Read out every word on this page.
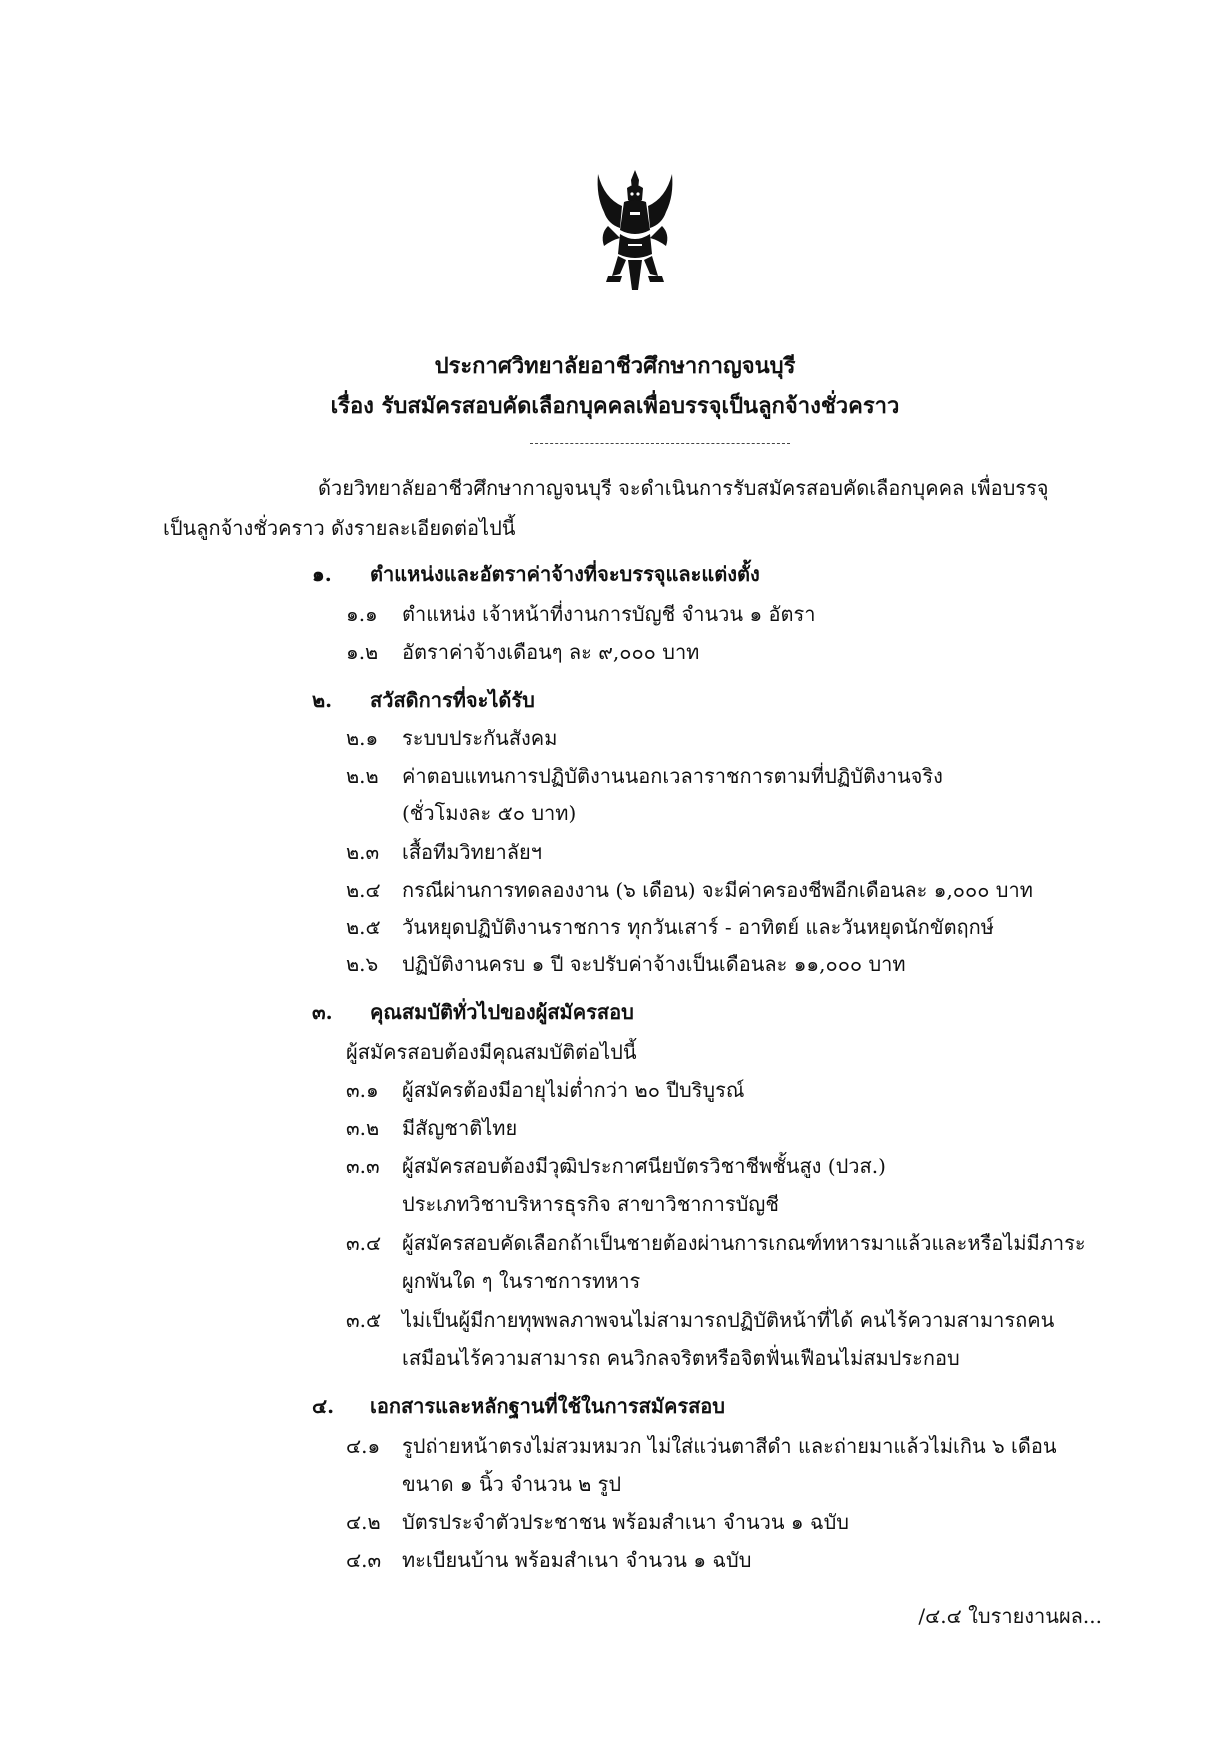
ประกาศวิทยาลัยอาชีวศึกษากาญจนบุรี
เรื่อง รับสมัครสอบคัดเลือกบุคคลเพื่อบรรจุเป็นลูกจ้างชั่วคราว
ด้วยวิทยาลัยอาชีวศึกษากาญจนบุรี จะดำเนินการรับสมัครสอบคัดเลือกบุคคล เพื่อบรรจุ
เป็นลูกจ้างชั่วคราว ดังรายละเอียดต่อไปนี้
๑. ตำแหน่งและอัตราค่าจ้างที่จะบรรจุและแต่งตั้ง
๑.๑ ตำแหน่ง เจ้าหน้าที่งานการบัญชี จำนวน ๑ อัตรา
๑.๒ อัตราค่าจ้างเดือนๆ ละ ๙,๐๐๐ บาท
๒. สวัสดิการที่จะได้รับ
๒.๑ ระบบประกันสังคม
๒.๒ ค่าตอบแทนการปฏิบัติงานนอกเวลาราชการตามที่ปฏิบัติงานจริง
(ชั่วโมงละ ๕๐ บาท)
๒.๓ เสื้อทีมวิทยาลัยฯ
๒.๔ กรณีผ่านการทดลองงาน (๖ เดือน) จะมีค่าครองชีพอีกเดือนละ ๑,๐๐๐ บาท
๒.๕ วันหยุดปฏิบัติงานราชการ ทุกวันเสาร์ - อาทิตย์ และวันหยุดนักขัตฤกษ์
๒.๖ ปฏิบัติงานครบ ๑ ปี จะปรับค่าจ้างเป็นเดือนละ ๑๑,๐๐๐ บาท
๓. คุณสมบัติทั่วไปของผู้สมัครสอบ
ผู้สมัครสอบต้องมีคุณสมบัติต่อไปนี้
๓.๑ ผู้สมัครต้องมีอายุไม่ต่ำกว่า ๒๐ ปีบริบูรณ์
๓.๒ มีสัญชาติไทย
๓.๓ ผู้สมัครสอบต้องมีวุฒิประกาศนียบัตรวิชาชีพชั้นสูง (ปวส.)
ประเภทวิชาบริหารธุรกิจ สาขาวิชาการบัญชี
๓.๔ ผู้สมัครสอบคัดเลือกถ้าเป็นชายต้องผ่านการเกณฑ์ทหารมาแล้วและหรือไม่มีภาระ
ผูกพันใด ๆ ในราชการทหาร
๓.๕ ไม่เป็นผู้มีกายทุพพลภาพจนไม่สามารถปฏิบัติหน้าที่ได้ คนไร้ความสามารถคน
เสมือนไร้ความสามารถ คนวิกลจริตหรือจิตฟั่นเฟือนไม่สมประกอบ
๔. เอกสารและหลักฐานที่ใช้ในการสมัครสอบ
๔.๑ รูปถ่ายหน้าตรงไม่สวมหมวก ไม่ใส่แว่นตาสีดำ และถ่ายมาแล้วไม่เกิน ๖ เดือน
ขนาด ๑ นิ้ว จำนวน ๒ รูป
๔.๒ บัตรประจำตัวประชาชน พร้อมสำเนา จำนวน ๑ ฉบับ
๔.๓ ทะเบียนบ้าน พร้อมสำเนา จำนวน ๑ ฉบับ
/๔.๔ ใบรายงานผล...
